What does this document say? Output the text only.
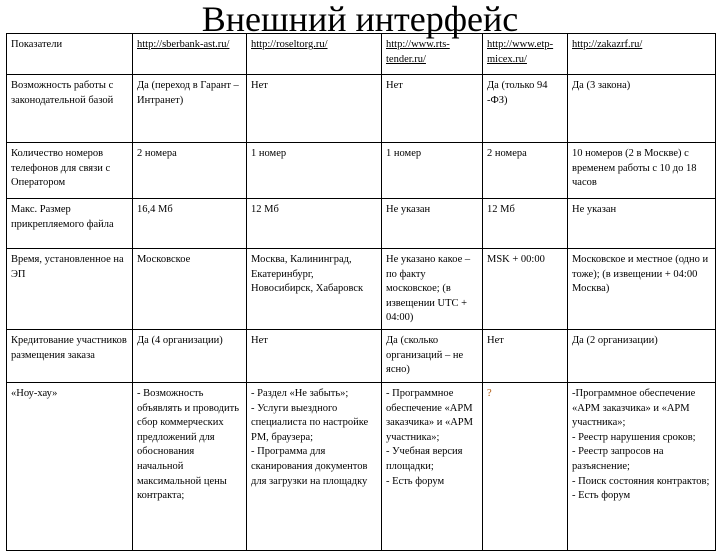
Внешний интерфейс
Показатели	http://sberbank-ast.ru/	http://roseltorg.ru/	http://www.rts-tender.ru/	http://www.etp-micex.ru/	http://zakazrf.ru/
Возможность работы с законодательной базой	Да (переход в Гарант – Интранет)	Нет	Нет	Да (только 94 -ФЗ)	Да (3 закона)
Количество номеров телефонов для связи с Оператором	2 номера	1 номер	1 номер	2 номера	10 номеров (2 в Москве) с временем работы с 10 до 18 часов
Макс. Размер прикрепляемого файла	16,4 Мб	12 Мб	Не указан	12 Мб	Не указан
Время, установленное на ЭП	Московское	Москва, Калининград, Екатеринбург, Новосибирск, Хабаровск	Не указано какое – по факту московское; (в извещении UTC + 04:00)	MSK + 00:00	Московское и местное (одно и тоже); (в извещении + 04:00 Москва)
Кредитование участников размещения заказа	Да (4 организации)	Нет	Да (сколько организаций – не ясно)	Нет	Да (2 организации)
«Ноу-хау»	- Возможность объявлять и проводить сбор коммерческих предложений для обоснования начальной максимальной цены контракта;	- Раздел «Не забыть»;
- Услуги выездного специалиста по настройке РМ, браузера;
- Программа для сканирования документов для загрузки на площадку	- Программное обеспечение «АРМ заказчика» и «АРМ участника»;
- Учебная версия площадки;
- Есть форум	?	-Программное обеспечение «АРМ заказчика» и «АРМ участника»;
- Реестр нарушения сроков;
- Реестр запросов на разъяснение;
- Поиск состояния контрактов;
- Есть форум
